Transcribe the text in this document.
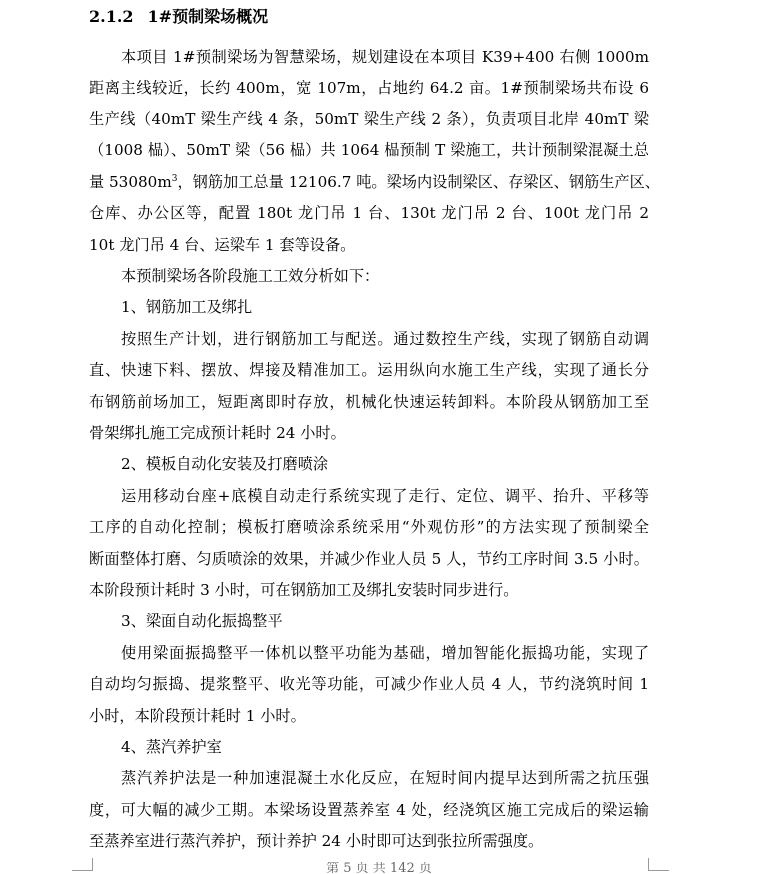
2.1.2 1#预制梁场概况
本项目 1#预制梁场为智慧梁场，规划建设在本项目 K39+400 右侧 1000m
距离主线较近，长约 400m，宽 107m，占地约 64.2 亩。1#预制梁场共布设 6
生产线（40mT 梁生产线 4 条，50mT 梁生产线 2 条），负责项目北岸 40mT 梁
（1008 榀）、50mT 梁（56 榀）共 1064 榀预制 T 梁施工，共计预制梁混凝土总
量 $53080m^3$，钢筋加工总量 12106.7 吨。梁场内设制梁区、存梁区、钢筋生产区、
仓库、办公区等，配置 180t 龙门吊 1 台、130t 龙门吊 2 台、100t 龙门吊 2
10t 龙门吊 4 台、运梁车 1 套等设备。
本预制梁场各阶段施工工效分析如下：
1、钢筋加工及绑扎
按照生产计划，进行钢筋加工与配送。通过数控生产线，实现了钢筋自动调
直、快速下料、摆放、焊接及精准加工。运用纵向水施工生产线，实现了通长分
布钢筋前场加工，短距离即时存放，机械化快速运转卸料。本阶段从钢筋加工至
骨架绑扎施工完成预计耗时 24 小时。
2、模板自动化安装及打磨喷涂
运用移动台座+底模自动走行系统实现了走行、定位、调平、抬升、平移等
工序的自动化控制；模板打磨喷涂系统采用“外观仿形”的方法实现了预制梁全
断面整体打磨、匀质喷涂的效果，并减少作业人员 5 人，节约工序时间 3.5 小时。
本阶段预计耗时 3 小时，可在钢筋加工及绑扎安装时同步进行。
3、梁面自动化振捣整平
使用梁面振捣整平一体机以整平功能为基础，增加智能化振捣功能，实现了
自动均匀振捣、提浆整平、收光等功能，可减少作业人员 4 人，节约浇筑时间 1
小时，本阶段预计耗时 1 小时。
4、蒸汽养护室
蒸汽养护法是一种加速混凝土水化反应，在短时间内提早达到所需之抗压强
度，可大幅的减少工期。本梁场设置蒸养室 4 处，经浇筑区施工完成后的梁运输
至蒸养室进行蒸汽养护，预计养护 24 小时即可达到张拉所需强度。
第 5 页 共 142 页
